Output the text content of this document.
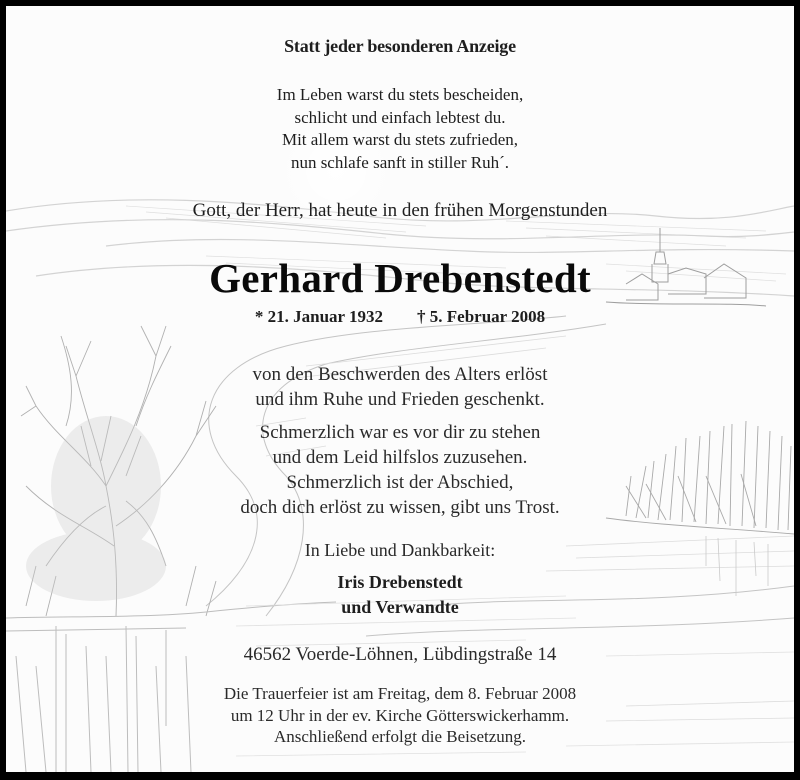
Statt jeder besonderen Anzeige
Im Leben warst du stets bescheiden,
schlicht und einfach lebtest du.
Mit allem warst du stets zufrieden,
nun schlafe sanft in stiller Ruh´.
Gott, der Herr, hat heute in den frühen Morgenstunden
Gerhard Drebenstedt
* 21. Januar 1932 † 5. Februar 2008
von den Beschwerden des Alters erlöst
und ihm Ruhe und Frieden geschenkt.
Schmerzlich war es vor dir zu stehen
und dem Leid hilfslos zuzusehen.
Schmerzlich ist der Abschied,
doch dich erlöst zu wissen, gibt uns Trost.
In Liebe und Dankbarkeit:
Iris Drebenstedt
und Verwandte
46562 Voerde-Löhnen, Lübdingstraße 14
Die Trauerfeier ist am Freitag, dem 8. Februar 2008
um 12 Uhr in der ev. Kirche Götterswickerhamm.
Anschließend erfolgt die Beisetzung.
